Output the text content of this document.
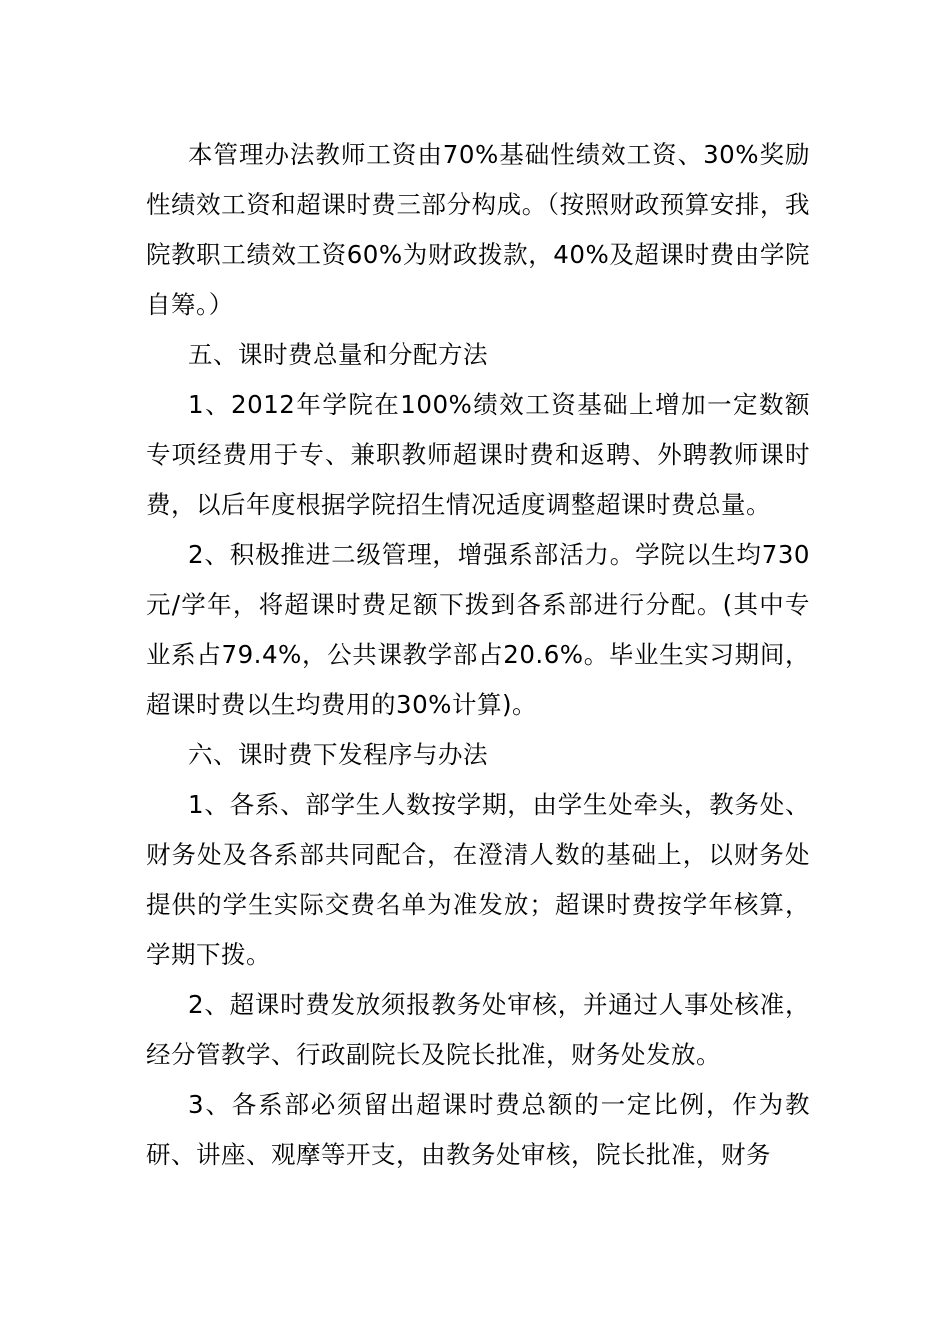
本管理办法教师工资由70%基础性绩效工资、30%奖励性绩效工资和超课时费三部分构成。（按照财政预算安排，我院教职工绩效工资60%为财政拨款，40%及超课时费由学院自筹。）

五、课时费总量和分配方法

1、2012年学院在100%绩效工资基础上增加一定数额专项经费用于专、兼职教师超课时费和返聘、外聘教师课时费，以后年度根据学院招生情况适度调整超课时费总量。

2、积极推进二级管理，增强系部活力。学院以生均730元/学年，将超课时费足额下拨到各系部进行分配。(其中专业系占79.4%，公共课教学部占20.6%。毕业生实习期间，超课时费以生均费用的30%计算)。

六、课时费下发程序与办法

1、各系、部学生人数按学期，由学生处牵头，教务处、财务处及各系部共同配合，在澄清人数的基础上，以财务处提供的学生实际交费名单为准发放；超课时费按学年核算，学期下拨。

2、超课时费发放须报教务处审核，并通过人事处核准，经分管教学、行政副院长及院长批准，财务处发放。

3、各系部必须留出超课时费总额的一定比例，作为教研、讲座、观摩等开支，由教务处审核，院长批准，财务
